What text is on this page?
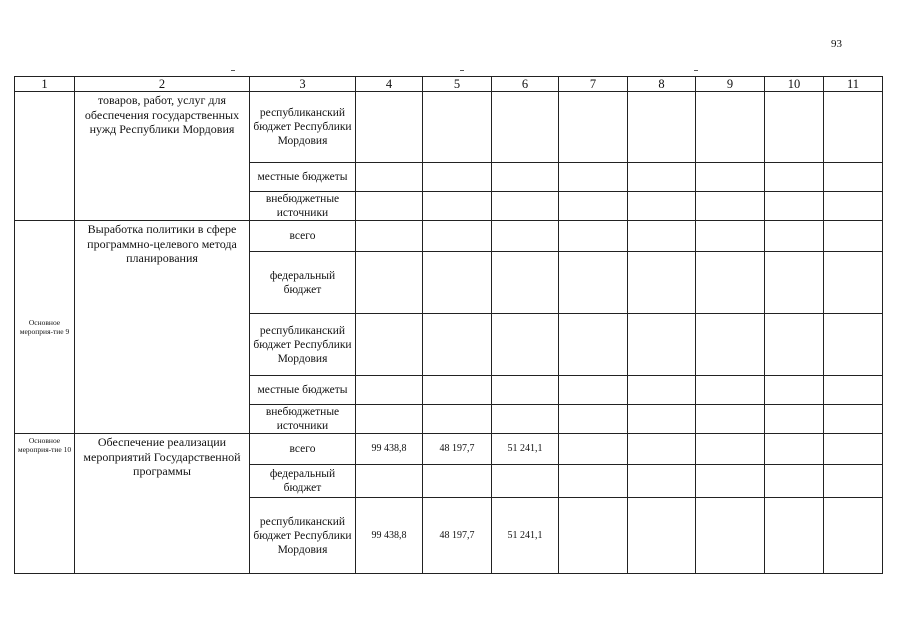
93
1	2	3	4	5	6	7	8	9	10	11
	товаров, работ, услуг для обеспечения государственных нужд Республики Мордовия	республиканский бюджет Республики Мордовия								
		местные бюджеты								
		внебюджетные источники								
Основное мероприя-тие 9	Выработка политики в сфере программно-целевого метода планирования	всего								
		федеральный бюджет								
		республиканский бюджет Республики Мордовия								
		местные бюджеты								
		внебюджетные источники								
Основное мероприя-тие 10	Обеспечение реализации мероприятий Государственной программы	всего	99 438,8	48 197,7	51 241,1					
		федеральный бюджет								
		республиканский бюджет Республики Мордовия	99 438,8	48 197,7	51 241,1					
